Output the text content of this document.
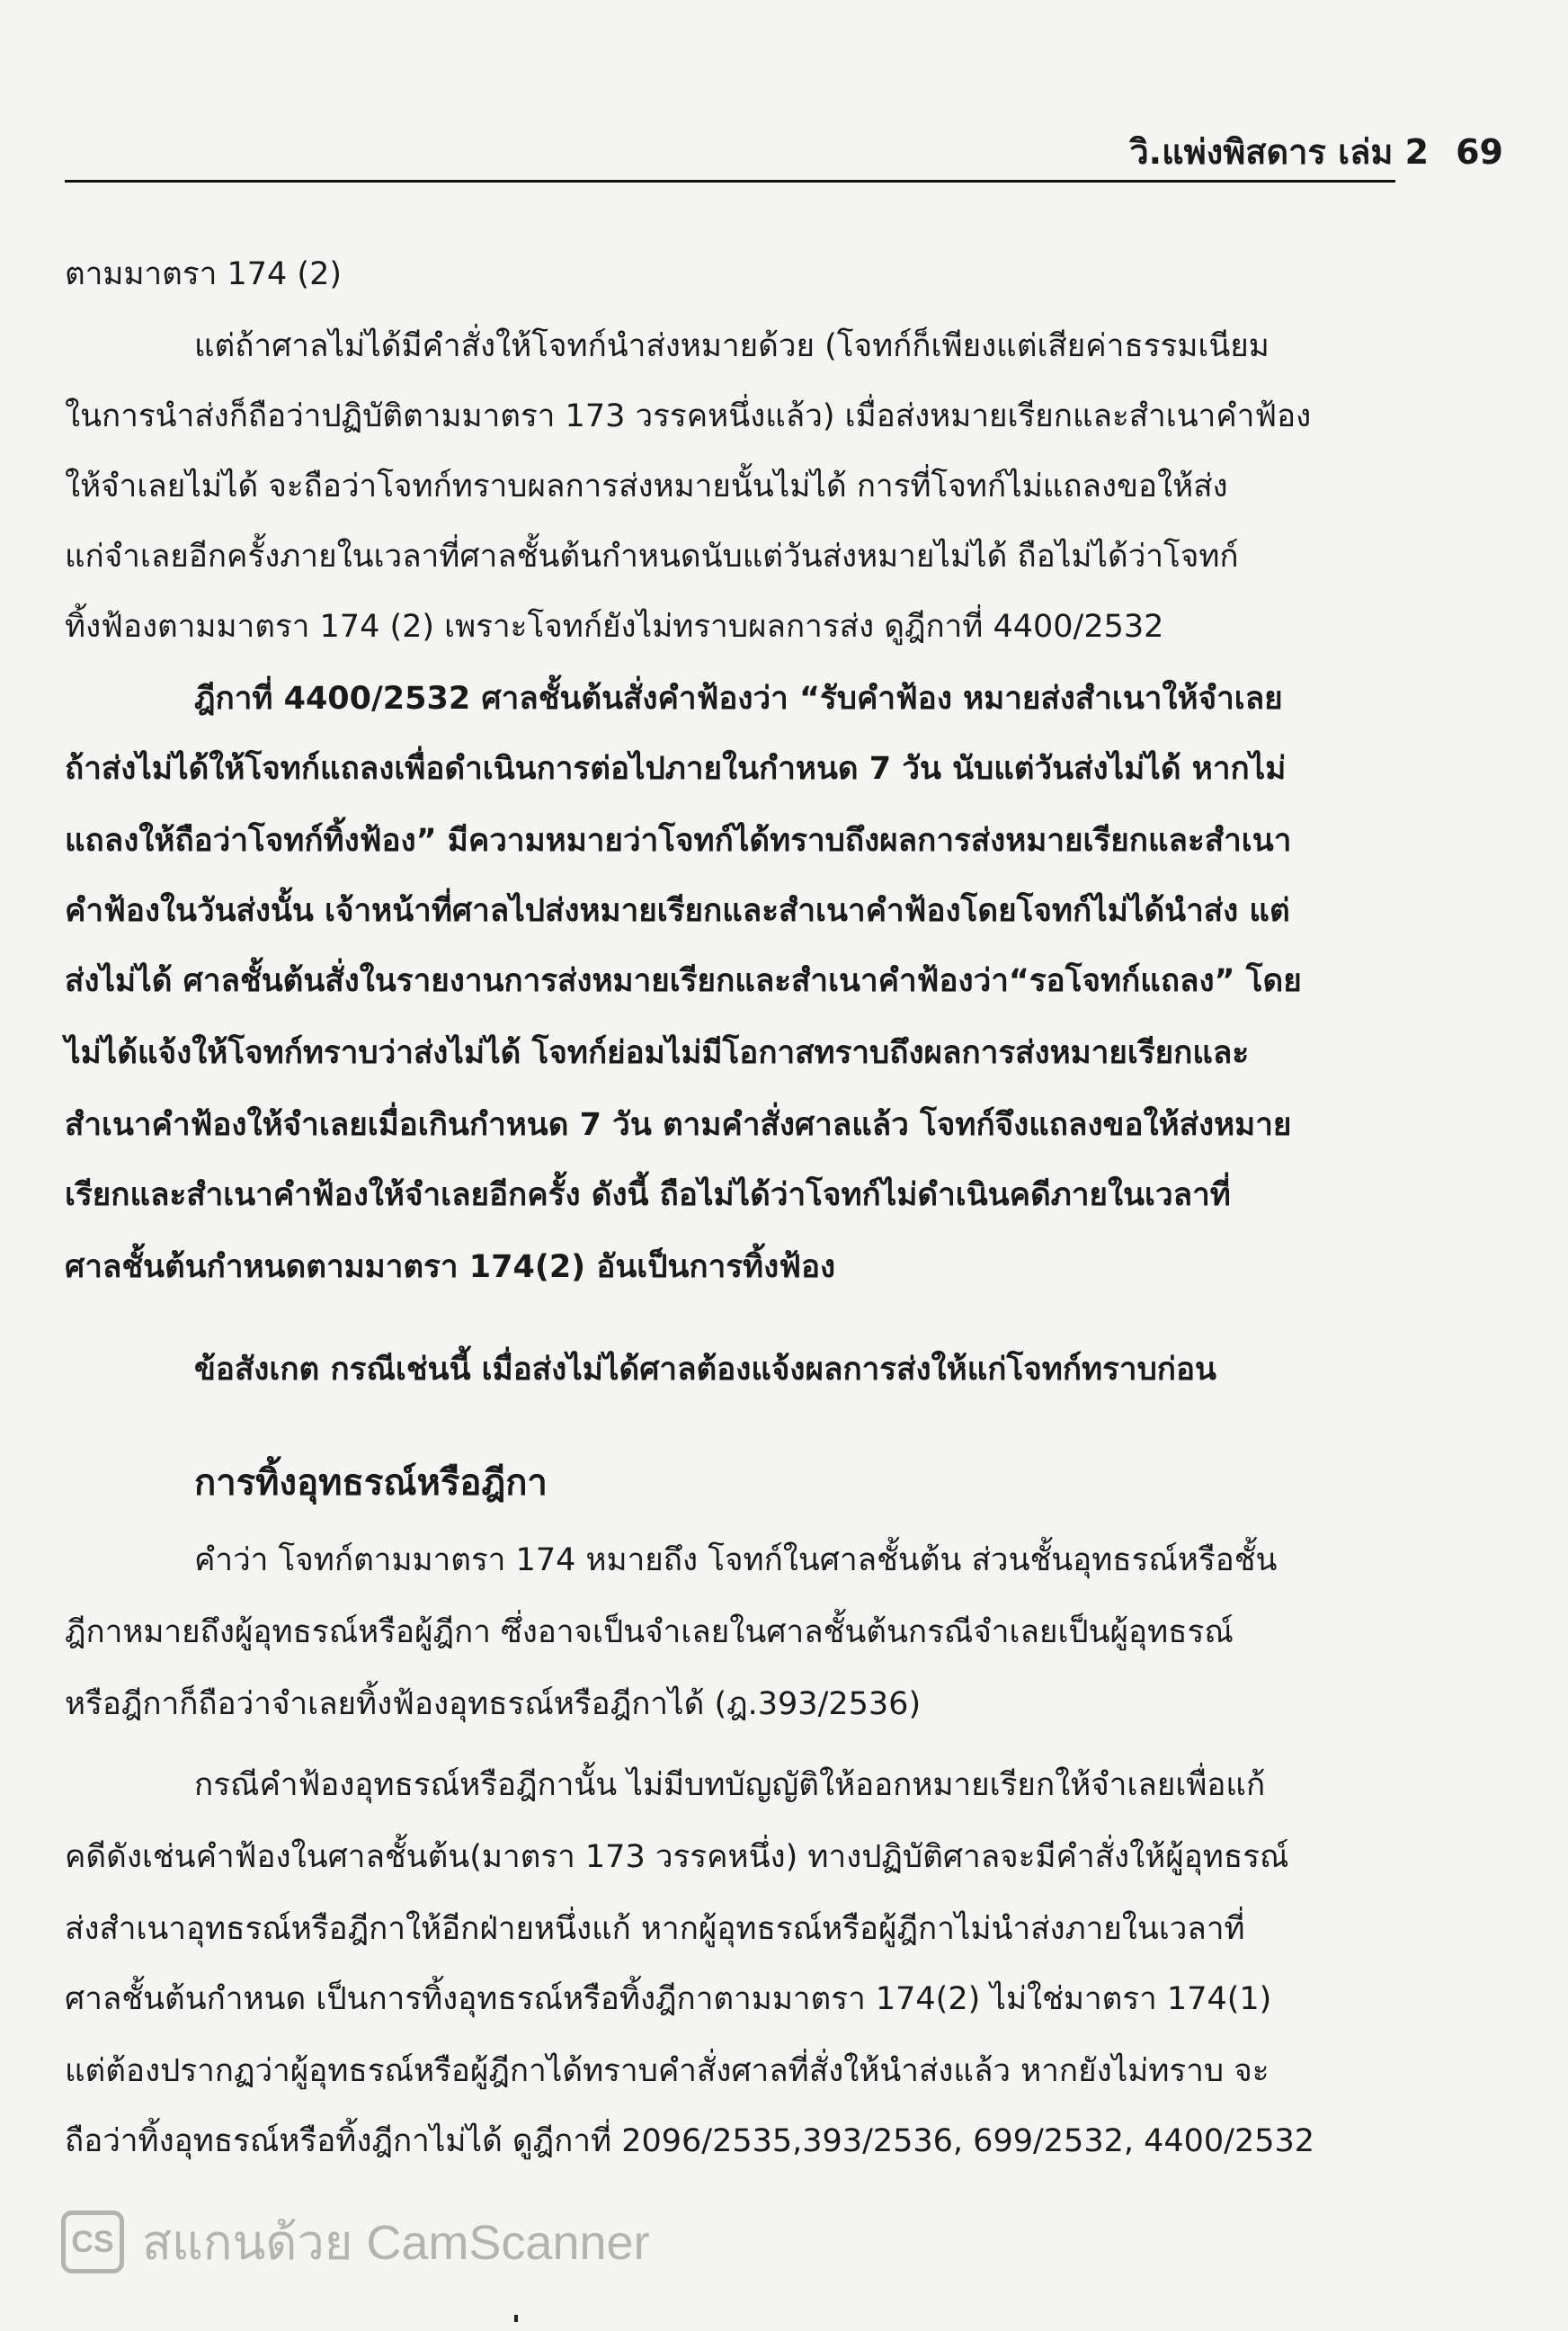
วิ.แพ่งพิสดาร เล่ม 2 69
ตามมาตรา 174 (2)
แต่ถ้าศาลไม่ได้มีคำสั่งให้โจทก์นำส่งหมายด้วย (โจทก์ก็เพียงแต่เสียค่าธรรมเนียม
ในการนำส่งก็ถือว่าปฏิบัติตามมาตรา 173 วรรคหนึ่งแล้ว) เมื่อส่งหมายเรียกและสำเนาคำฟ้อง
ให้จำเลยไม่ได้ จะถือว่าโจทก์ทราบผลการส่งหมายนั้นไม่ได้ การที่โจทก์ไม่แถลงขอให้ส่ง
แก่จำเลยอีกครั้งภายในเวลาที่ศาลชั้นต้นกำหนดนับแต่วันส่งหมายไม่ได้ ถือไม่ได้ว่าโจทก์
ทิ้งฟ้องตามมาตรา 174 (2) เพราะโจทก์ยังไม่ทราบผลการส่ง ดูฎีกาที่ 4400/2532
ฎีกาที่ 4400/2532 ศาลชั้นต้นสั่งคำฟ้องว่า “รับคำฟ้อง หมายส่งสำเนาให้จำเลย
ถ้าส่งไม่ได้ให้โจทก์แถลงเพื่อดำเนินการต่อไปภายในกำหนด 7 วัน นับแต่วันส่งไม่ได้ หากไม่
แถลงให้ถือว่าโจทก์ทิ้งฟ้อง” มีความหมายว่าโจทก์ได้ทราบถึงผลการส่งหมายเรียกและสำเนา
คำฟ้องในวันส่งนั้น เจ้าหน้าที่ศาลไปส่งหมายเรียกและสำเนาคำฟ้องโดยโจทก์ไม่ได้นำส่ง แต่
ส่งไม่ได้ ศาลชั้นต้นสั่งในรายงานการส่งหมายเรียกและสำเนาคำฟ้องว่า“รอโจทก์แถลง” โดย
ไม่ได้แจ้งให้โจทก์ทราบว่าส่งไม่ได้ โจทก์ย่อมไม่มีโอกาสทราบถึงผลการส่งหมายเรียกและ
สำเนาคำฟ้องให้จำเลยเมื่อเกินกำหนด 7 วัน ตามคำสั่งศาลแล้ว โจทก์จึงแถลงขอให้ส่งหมาย
เรียกและสำเนาคำฟ้องให้จำเลยอีกครั้ง ดังนี้ ถือไม่ได้ว่าโจทก์ไม่ดำเนินคดีภายในเวลาที่
ศาลชั้นต้นกำหนดตามมาตรา 174(2) อันเป็นการทิ้งฟ้อง
ข้อสังเกต กรณีเช่นนี้ เมื่อส่งไม่ได้ศาลต้องแจ้งผลการส่งให้แก่โจทก์ทราบก่อน
การทิ้งอุทธรณ์หรือฎีกา
คำว่า โจทก์ตามมาตรา 174 หมายถึง โจทก์ในศาลชั้นต้น ส่วนชั้นอุทธรณ์หรือชั้น
ฎีกาหมายถึงผู้อุทธรณ์หรือผู้ฎีกา ซึ่งอาจเป็นจำเลยในศาลชั้นต้นกรณีจำเลยเป็นผู้อุทธรณ์
หรือฎีกาก็ถือว่าจำเลยทิ้งฟ้องอุทธรณ์หรือฎีกาได้ (ฎ.393/2536)
กรณีคำฟ้องอุทธรณ์หรือฎีกานั้น ไม่มีบทบัญญัติให้ออกหมายเรียกให้จำเลยเพื่อแก้
คดีดังเช่นคำฟ้องในศาลชั้นต้น(มาตรา 173 วรรคหนึ่ง) ทางปฏิบัติศาลจะมีคำสั่งให้ผู้อุทธรณ์
ส่งสำเนาอุทธรณ์หรือฎีกาให้อีกฝ่ายหนึ่งแก้ หากผู้อุทธรณ์หรือผู้ฎีกาไม่นำส่งภายในเวลาที่
ศาลชั้นต้นกำหนด เป็นการทิ้งอุทธรณ์หรือทิ้งฎีกาตามมาตรา 174(2) ไม่ใช่มาตรา 174(1)
แต่ต้องปรากฏว่าผู้อุทธรณ์หรือผู้ฎีกาได้ทราบคำสั่งศาลที่สั่งให้นำส่งแล้ว หากยังไม่ทราบ จะ
ถือว่าทิ้งอุทธรณ์หรือทิ้งฎีกาไม่ได้ ดูฎีกาที่ 2096/2535,393/2536, 699/2532, 4400/2532
CS สแกนด้วย CamScanner
